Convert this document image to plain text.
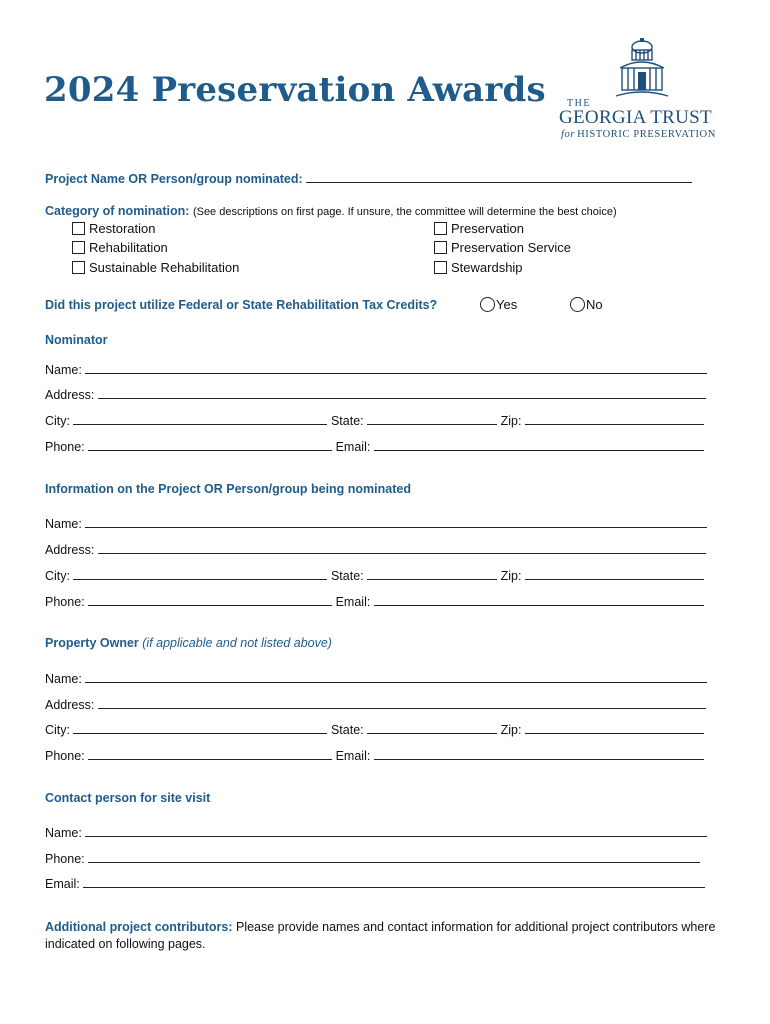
2024 Preservation Awards THE
GEORGIA TRUST
for HISTORIC PRESERVATION
Project Name OR Person/group nominated:
Category of nomination: (See descriptions on first page. If unsure, the committee will determine the best choice)
Restoration
Rehabilitation
Sustainable Rehabilitation
Preservation
Preservation Service
Stewardship
Did this project utilize Federal or State Rehabilitation Tax Credits?	Yes	No
Nominator
Name:
Address:
City:	State:	Zip:
Phone:	Email:
Information on the Project OR Person/group being nominated
Name:
Address:
City:	State:	Zip:
Phone:	Email:
Property Owner (if applicable and not listed above)
Name:
Address:
City:	State:	Zip:
Phone:	Email:
Contact person for site visit
Name:
Phone:
Email:
Additional project contributors: Please provide names and contact information for additional project contributors where indicated on following pages.
